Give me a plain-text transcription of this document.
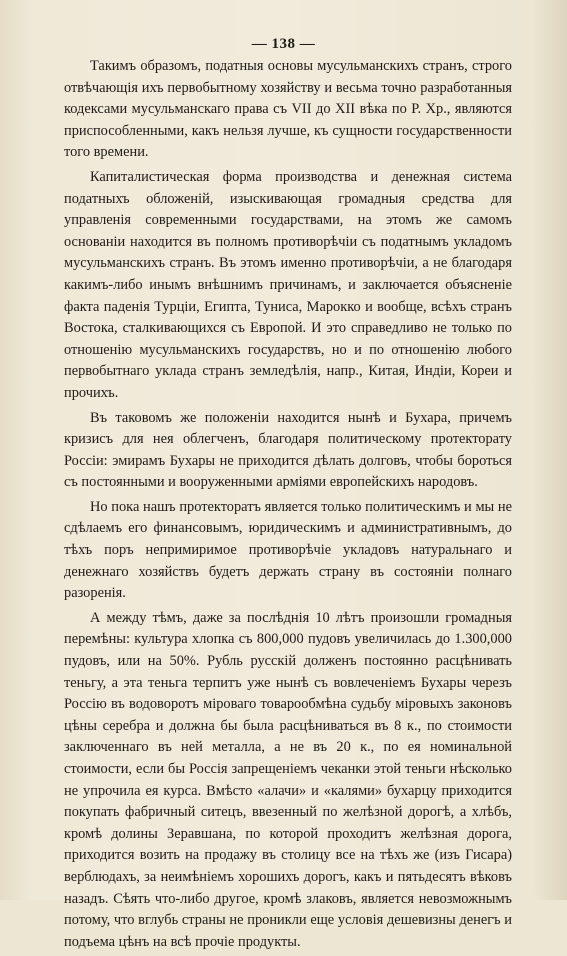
— 138 —

Такимъ образомъ, податныя основы мусульманскихъ странъ, строго отвѣчающія ихъ первобытному хозяйству и весьма точно разработанныя кодексами мусульманскаго права съ VII до XII вѣка по Р. Хр., являются приспособленными, какъ нельзя лучше, къ сущности государственности того времени.

Капиталистическая форма производства и денежная система податныхъ обложеній, изыскивающая громадныя средства для управленія современными государствами, на этомъ же самомъ основаніи находится въ полномъ противорѣчіи съ податнымъ укладомъ мусульманскихъ странъ. Въ этомъ именно противорѣчіи, а не благодаря какимъ-либо инымъ внѣшнимъ причинамъ, и заключается объясненіе факта паденія Турціи, Египта, Туниса, Марокко и вообще, всѣхъ странъ Востока, сталкивающихся съ Европой. И это справедливо не только по отношенію мусульманскихъ государствъ, но и по отношенію любого первобытнаго уклада странъ земледѣлія, напр., Китая, Индіи, Кореи и прочихъ.

Въ таковомъ же положеніи находится нынѣ и Бухара, причемъ кризисъ для нея облегченъ, благодаря политическому протекторату Россіи: эмирамъ Бухары не приходится дѣлать долговъ, чтобы бороться съ постоянными и вооруженными арміями европейскихъ народовъ.

Но пока нашъ протекторатъ является только политическимъ и мы не сдѣлаемъ его финансовымъ, юридическимъ и административнымъ, до тѣхъ поръ непримиримое противорѣчіе укладовъ натуральнаго и денежнаго хозяйствъ будетъ держать страну въ состояніи полнаго разоренія.

А между тѣмъ, даже за послѣднія 10 лѣтъ произошли громадныя перемѣны: культура хлопка съ 800,000 пудовъ увеличилась до 1.300,000 пудовъ, или на 50%. Рубль русскій долженъ постоянно расцѣнивать теньгу, а эта теньга терпитъ уже нынѣ съ вовлеченіемъ Бухары черезъ Россію въ водоворотъ міроваго товарообмѣна судьбу міровыхъ законовъ цѣны серебра и должна бы была расцѣниваться въ 8 к., по стоимости заключеннаго въ ней металла, а не въ 20 к., по ея номинальной стоимости, если бы Россія запрещеніемъ чеканки этой теньги нѣсколько не упрочила ея курса. Вмѣсто «алачи» и «калями» бухарцу приходится покупать фабричный ситецъ, ввезенный по желѣзной дорогѣ, а хлѣбъ, кромѣ долины Зеравшана, по которой проходитъ желѣзная дорога, приходится возить на продажу въ столицу все на тѣхъ же (изъ Гисара) верблюдахъ, за неимѣніемъ хорошихъ дорогъ, какъ и пятьдесятъ вѣковъ назадъ. Сѣять что-либо другое, кромѣ злаковъ, является невозможнымъ потому, что вглубь страны не проникли еще условія дешевизны денегъ и подъема цѣнъ на всѣ прочіе продукты.
